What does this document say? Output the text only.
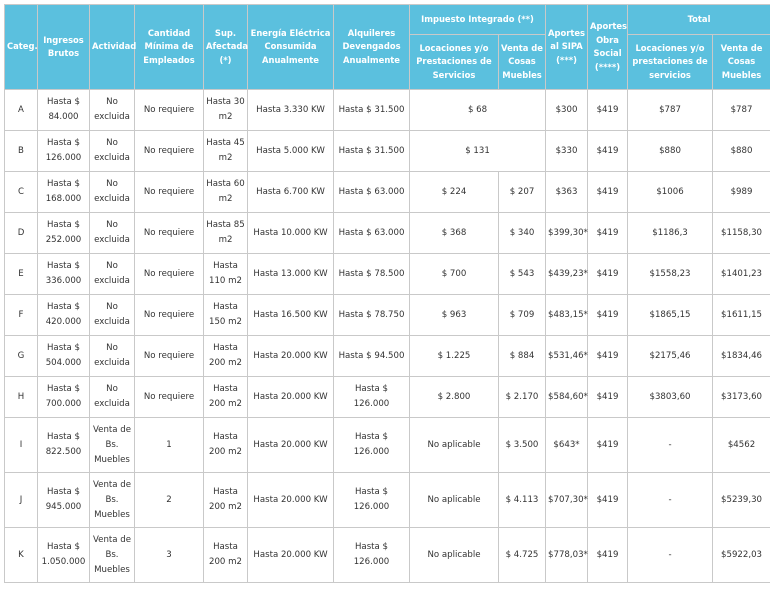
Categ.	Ingresos Brutos	Actividad	Cantidad Mínima de Empleados	Sup. Afectada (*)	Energía Eléctrica Consumida Anualmente	Alquileres Devengados Anualmente	Impuesto Integrado (**)		Aportes al SIPA (***)	Aportes Obra Social (****)	Total	
							Locaciones y/o Prestaciones de Servicios	Venta de Cosas Muebles			Locaciones y/o prestaciones de servicios	Venta de Cosas Muebles
A	Hasta $ 84.000	No excluida	No requiere	Hasta 30 m2	Hasta 3.330 KW	Hasta $ 31.500	$ 68		$300	$419	$787	$787
B	Hasta $ 126.000	No excluida	No requiere	Hasta 45 m2	Hasta 5.000 KW	Hasta $ 31.500	$ 131		$330	$419	$880	$880
C	Hasta $ 168.000	No excluida	No requiere	Hasta 60 m2	Hasta 6.700 KW	Hasta $ 63.000	$ 224	$ 207	$363	$419	$1006	$989
D	Hasta $ 252.000	No excluida	No requiere	Hasta 85 m2	Hasta 10.000 KW	Hasta $ 63.000	$ 368	$ 340	$399,30*	$419	$1186,3	$1158,30
E	Hasta $ 336.000	No excluida	No requiere	Hasta 110 m2	Hasta 13.000 KW	Hasta $ 78.500	$ 700	$ 543	$439,23*	$419	$1558,23	$1401,23
F	Hasta $ 420.000	No excluida	No requiere	Hasta 150 m2	Hasta 16.500 KW	Hasta $ 78.750	$ 963	$ 709	$483,15*	$419	$1865,15	$1611,15
G	Hasta $ 504.000	No excluida	No requiere	Hasta 200 m2	Hasta 20.000 KW	Hasta $ 94.500	$ 1.225	$ 884	$531,46*	$419	$2175,46	$1834,46
H	Hasta $ 700.000	No excluida	No requiere	Hasta 200 m2	Hasta 20.000 KW	Hasta $ 126.000	$ 2.800	$ 2.170	$584,60*	$419	$3803,60	$3173,60
I	Hasta $ 822.500	Venta de Bs. Muebles	1	Hasta 200 m2	Hasta 20.000 KW	Hasta $ 126.000	No aplicable	$ 3.500	$643*	$419	-	$4562
J	Hasta $ 945.000	Venta de Bs. Muebles	2	Hasta 200 m2	Hasta 20.000 KW	Hasta $ 126.000	No aplicable	$ 4.113	$707,30*	$419	-	$5239,30
K	Hasta $ 1.050.000	Venta de Bs. Muebles	3	Hasta 200 m2	Hasta 20.000 KW	Hasta $ 126.000	No aplicable	$ 4.725	$778,03*	$419	-	$5922,03
